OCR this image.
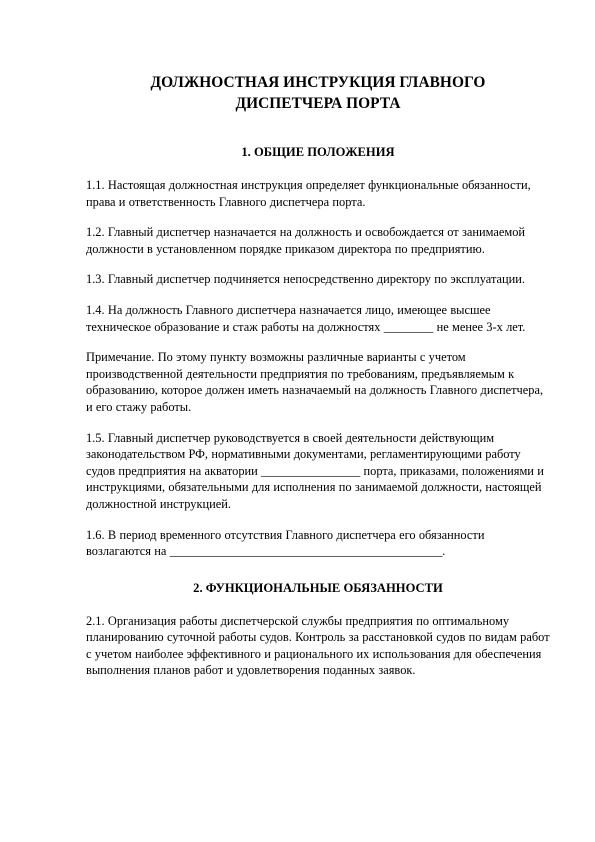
ДОЛЖНОСТНАЯ ИНСТРУКЦИЯ ГЛАВНОГО
ДИСПЕТЧЕРА ПОРТА
1. ОБЩИЕ ПОЛОЖЕНИЯ

1.1. Настоящая должностная инструкция определяет функциональные обязанности, права и ответственность Главного диспетчера порта.

1.2. Главный диспетчер назначается на должность и освобождается от занимаемой должности в установленном порядке приказом директора по предприятию.

1.3. Главный диспетчер подчиняется непосредственно директору по эксплуатации.

1.4. На должность Главного диспетчера назначается лицо, имеющее высшее техническое образование и стаж работы на должностях ________ не менее 3-х лет.

Примечание. По этому пункту возможны различные варианты с учетом производственной деятельности предприятия по требованиям, предъявляемым к образованию, которое должен иметь назначаемый на должность Главного диспетчера, и его стажу работы.

1.5. Главный диспетчер руководствуется в своей деятельности действующим законодательством РФ, нормативными документами, регламентирующими работу судов предприятия на акватории ________________ порта, приказами, положениями и инструкциями, обязательными для исполнения по занимаемой должности, настоящей должностной инструкцией.

1.6. В период временного отсутствия Главного диспетчера его обязанности возлагаются на ____________________________________________.

2. ФУНКЦИОНАЛЬНЫЕ ОБЯЗАННОСТИ

2.1. Организация работы диспетчерской службы предприятия по оптимальному планированию суточной работы судов. Контроль за расстановкой судов по видам работ с учетом наиболее эффективного и рационального их использования для обеспечения выполнения планов работ и удовлетворения поданных заявок.
